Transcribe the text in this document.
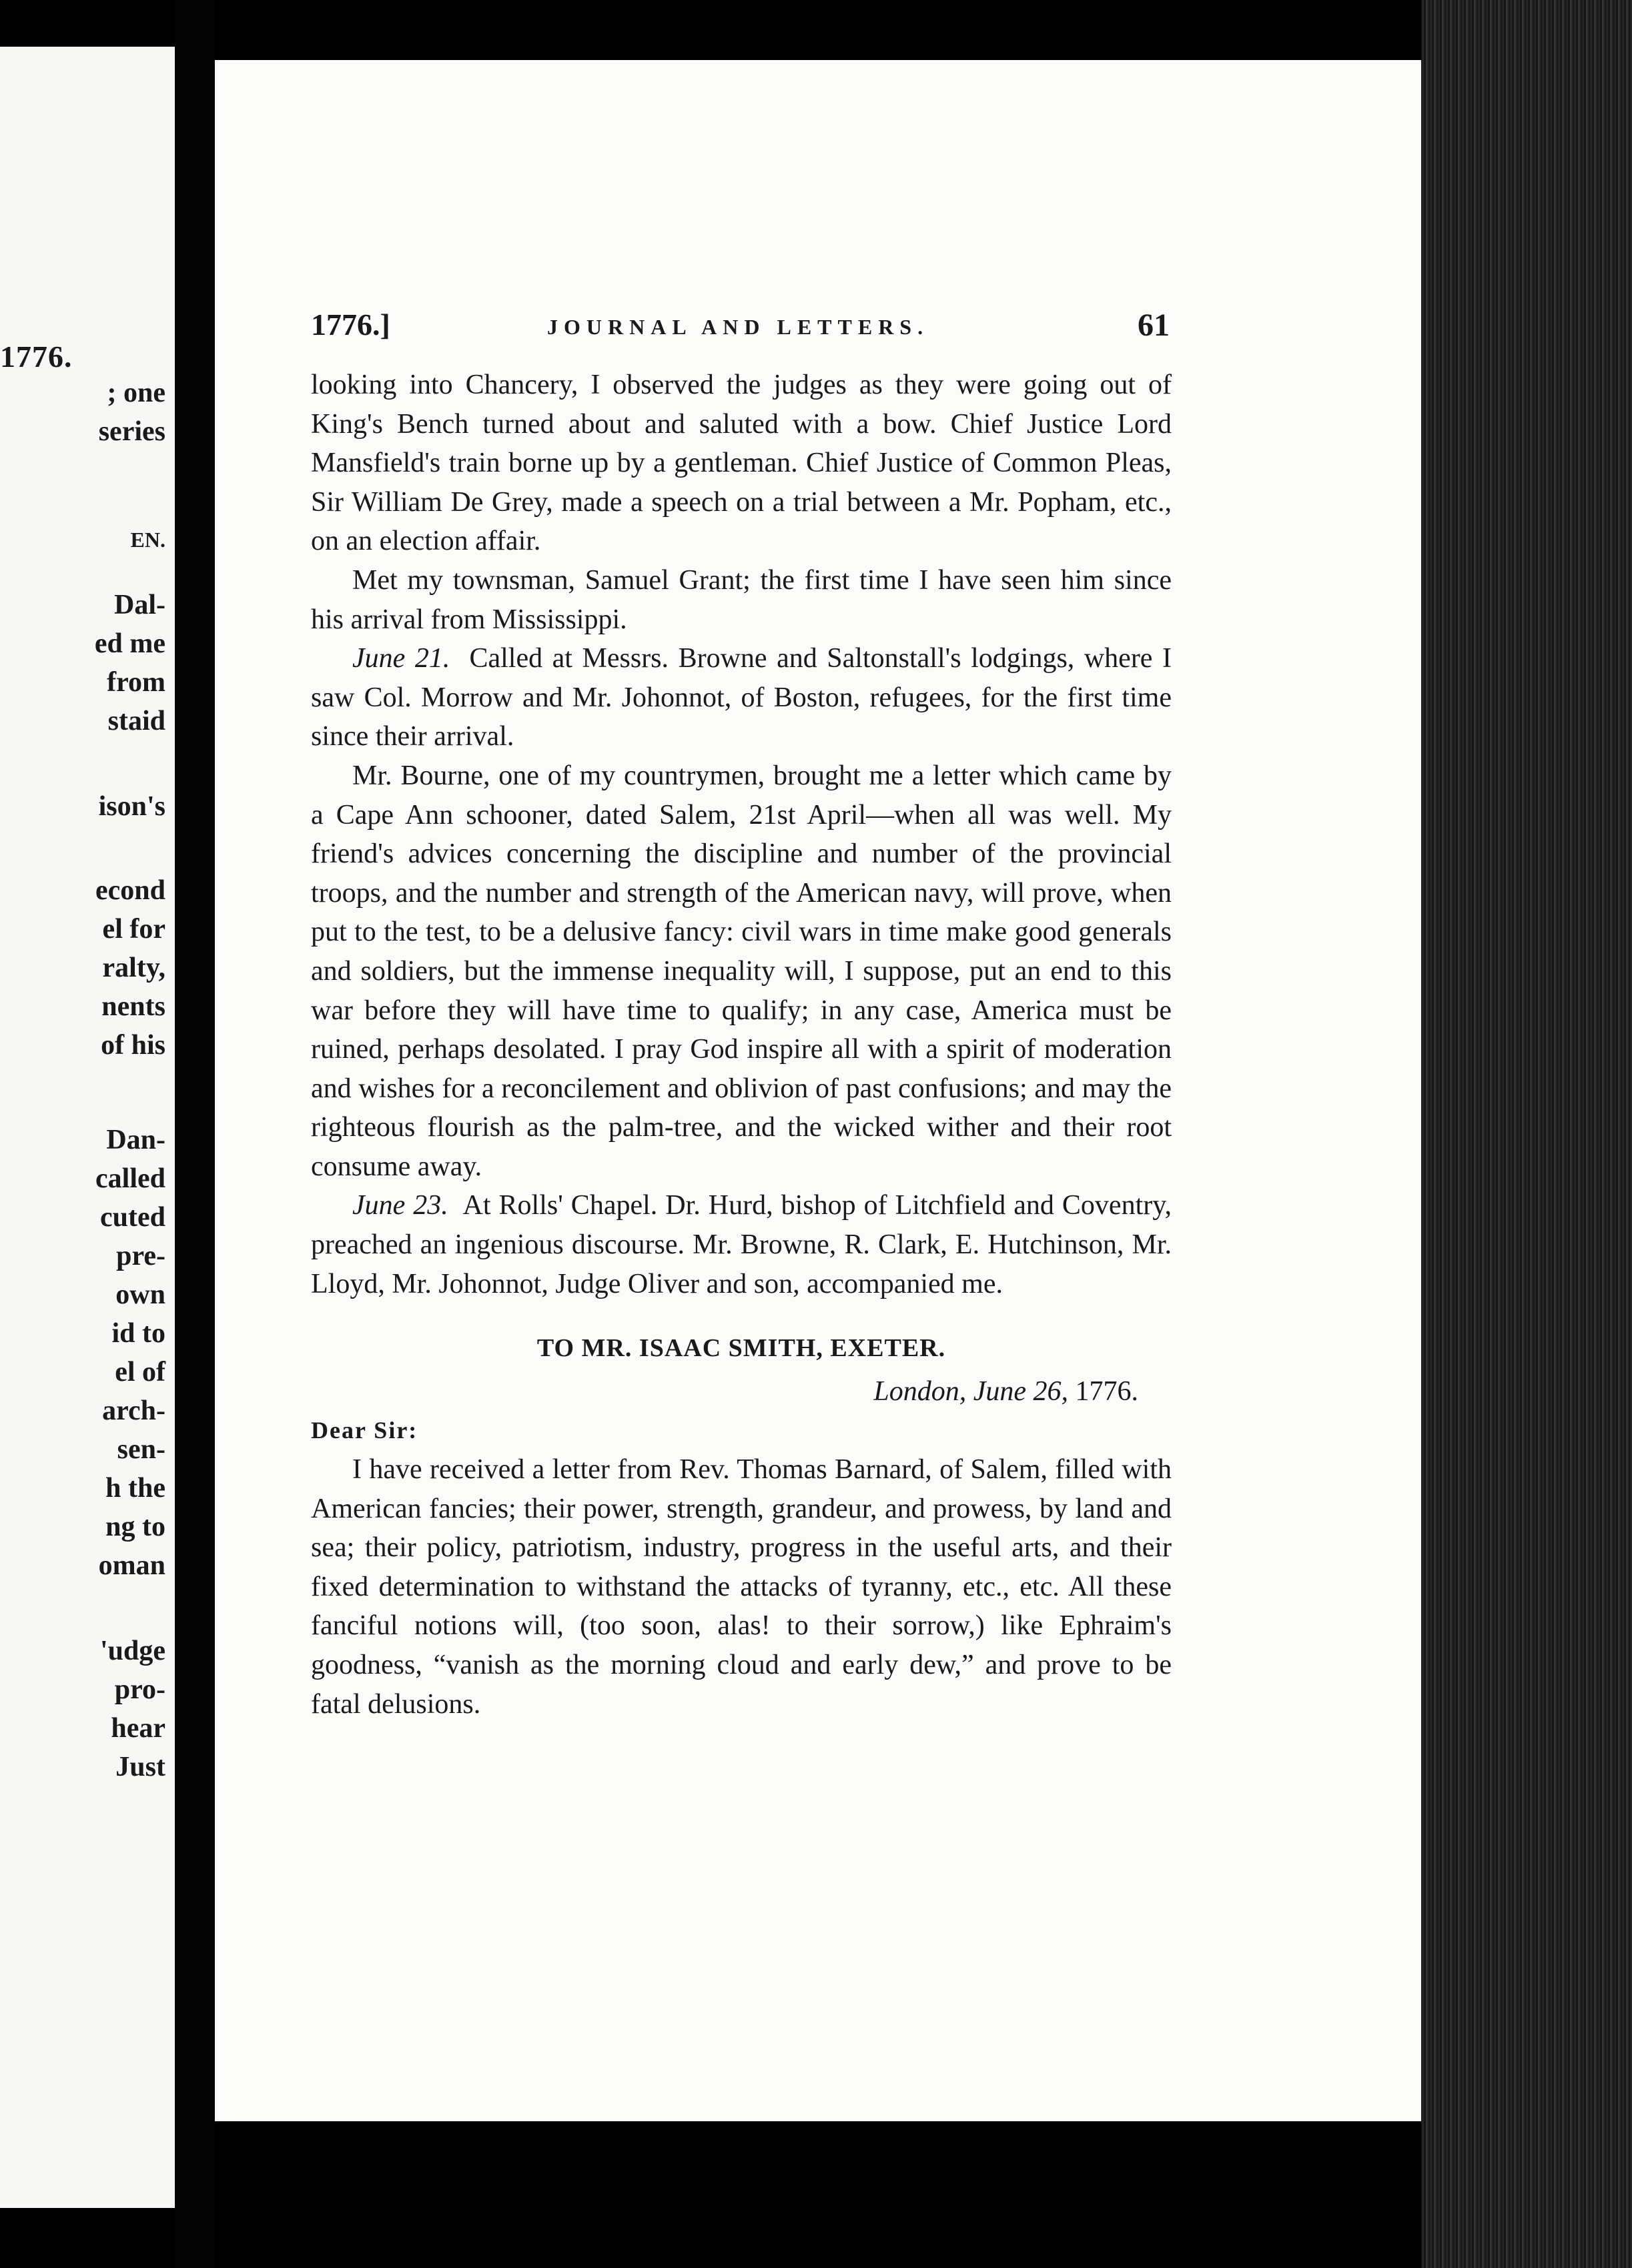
1776.
; one
series
EN.
Dal-
ed me
from
staid
ison's
econd
el for
ralty,
nents
of his
Dan-
called
cuted
pre-
own
id to
el of
arch-
sen-
h the
ng to
oman
'udge
pro-
hear
Just
1776.]	JOURNAL AND LETTERS.	61

looking into Chancery, I observed the judges as they were going out of King's Bench turned about and saluted with a bow. Chief Justice Lord Mansfield's train borne up by a gentleman. Chief Justice of Common Pleas, Sir William De Grey, made a speech on a trial between a Mr. Popham, etc., on an election affair.

Met my townsman, Samuel Grant; the first time I have seen him since his arrival from Mississippi.

June 21. Called at Messrs. Browne and Saltonstall's lodgings, where I saw Col. Morrow and Mr. Johonnot, of Boston, refugees, for the first time since their arrival.

Mr. Bourne, one of my countrymen, brought me a letter which came by a Cape Ann schooner, dated Salem, 21st April—when all was well. My friend's advices concerning the discipline and number of the provincial troops, and the number and strength of the American navy, will prove, when put to the test, to be a delusive fancy: civil wars in time make good generals and soldiers, but the immense inequality will, I suppose, put an end to this war before they will have time to qualify; in any case, America must be ruined, perhaps desolated. I pray God inspire all with a spirit of moderation and wishes for a reconcilement and oblivion of past confusions; and may the righteous flourish as the palm-tree, and the wicked wither and their root consume away.

June 23. At Rolls' Chapel. Dr. Hurd, bishop of Litchfield and Coventry, preached an ingenious discourse. Mr. Browne, R. Clark, E. Hutchinson, Mr. Lloyd, Mr. Johonnot, Judge Oliver and son, accompanied me.

TO MR. ISAAC SMITH, EXETER.

London, June 26, 1776.

Dear Sir:

I have received a letter from Rev. Thomas Barnard, of Salem, filled with American fancies; their power, strength, grandeur, and prowess, by land and sea; their policy, patriotism, industry, progress in the useful arts, and their fixed determination to withstand the attacks of tyranny, etc., etc. All these fanciful notions will, (too soon, alas! to their sorrow,) like Ephraim's goodness, “vanish as the morning cloud and early dew,” and prove to be fatal delusions.
